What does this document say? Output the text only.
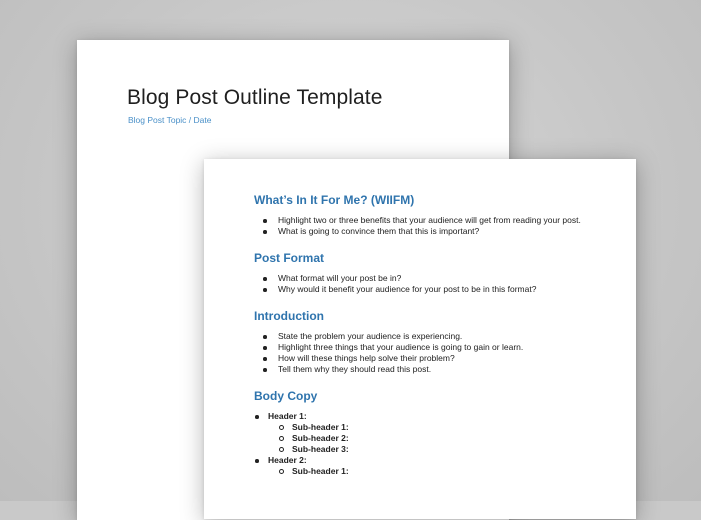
Blog Post Outline Template

Blog Post Topic / Date

What’s In It For Me? (WIIFM)
Highlight two or three benefits that your audience will get from reading your post.
What is going to convince them that this is important?
Post Format
What format will your post be in?
Why would it benefit your audience for your post to be in this format?
Introduction
State the problem your audience is experiencing.
Highlight three things that your audience is going to gain or learn.
How will these things help solve their problem?
Tell them why they should read this post.
Body Copy
Header 1:
Sub-header 1:
Sub-header 2:
Sub-header 3:
Header 2:
Sub-header 1:
